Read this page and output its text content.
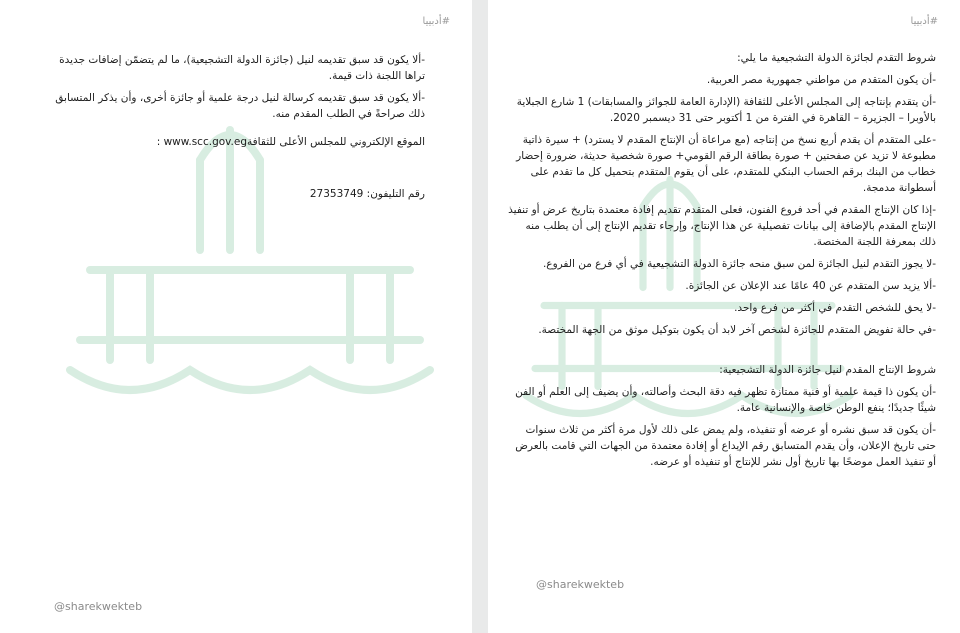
#أدبييا

-ألا يكون قد سبق تقديمه لنيل (جائزة الدولة التشجيعية)، ما لم يتضمّن إضافات جديدة تراها اللجنة ذات قيمة.

-ألا يكون قد سبق تقديمه كرسالة لنيل درجة علمية أو جائزة أخرى، وأن يذكر المتسابق ذلك صراحةً في الطلب المقدم منه.

الموقع الإلكتروني للمجلس الأعلى للثقافةwww.scc.gov.eg :

رقم التليفون: 27353749

@sharekwekteb
#أدبييا

شروط التقدم لجائزة الدولة التشجيعية ما يلي:

-أن يكون المتقدم من مواطني جمهورية مصر العربية.

-أن يتقدم بإنتاجه إلى المجلس الأعلى للثقافة (الإدارة العامة للجوائز والمسابقات) 1 شارع الجبلاية بالأوبرا – الجزيرة – القاهرة في الفترة من 1 أكتوبر حتى 31 ديسمبر 2020.

-على المتقدم أن يقدم أربع نسخ من إنتاجه (مع مراعاة أن الإنتاج المقدم لا يسترد) + سيرة ذاتية مطبوعة لا تزيد عن صفحتين + صورة بطاقة الرقم القومي+ صورة شخصية حديثة، ضرورة إحضار خطاب من البنك برقم الحساب البنكي للمتقدم، على أن يقوم المتقدم بتحميل كل ما تقدم على أسطوانة مدمجة.

-إذا كان الإنتاج المقدم في أحد فروع الفنون، فعلى المتقدم تقديم إفادة معتمدة بتاريخ عرض أو تنفيذ الإنتاج المقدم بالإضافة إلى بيانات تفصيلية عن هذا الإنتاج، وإرجاء تقديم الإنتاج إلى أن يطلب منه ذلك بمعرفة اللجنة المختصة.

-لا يجوز التقدم لنيل الجائزة لمن سبق منحه جائزة الدولة التشجيعية في أي فرع من الفروع.

-ألا يزيد سن المتقدم عن 40 عامًا عند الإعلان عن الجائزة.

-لا يحق للشخص التقدم في أكثر من فرع واحد.

-في حالة تفويض المتقدم للجائزة لشخص آخر لابد أن يكون بتوكيل موثق من الجهة المختصة.

شروط الإنتاج المقدم لنيل جائزة الدولة التشجيعية:

-أن يكون ذا قيمة علمية أو فنية ممتازة تظهر فيه دقة البحث وأصالته، وأن يضيف إلى العلم أو الفن شيئًا جديدًا؛ ينفع الوطن خاصة والإنسانية عامة.

-أن يكون قد سبق نشره أو عرضه أو تنفيذه، ولم يمض على ذلك لأول مرة أكثر من ثلاث سنوات حتى تاريخ الإعلان، وأن يقدم المتسابق رقم الإيداع أو إفادة معتمدة من الجهات التي قامت بالعرض أو تنفيذ العمل موضحًا بها تاريخ أول نشر للإنتاج أو تنفيذه أو عرضه.

@sharekwekteb
